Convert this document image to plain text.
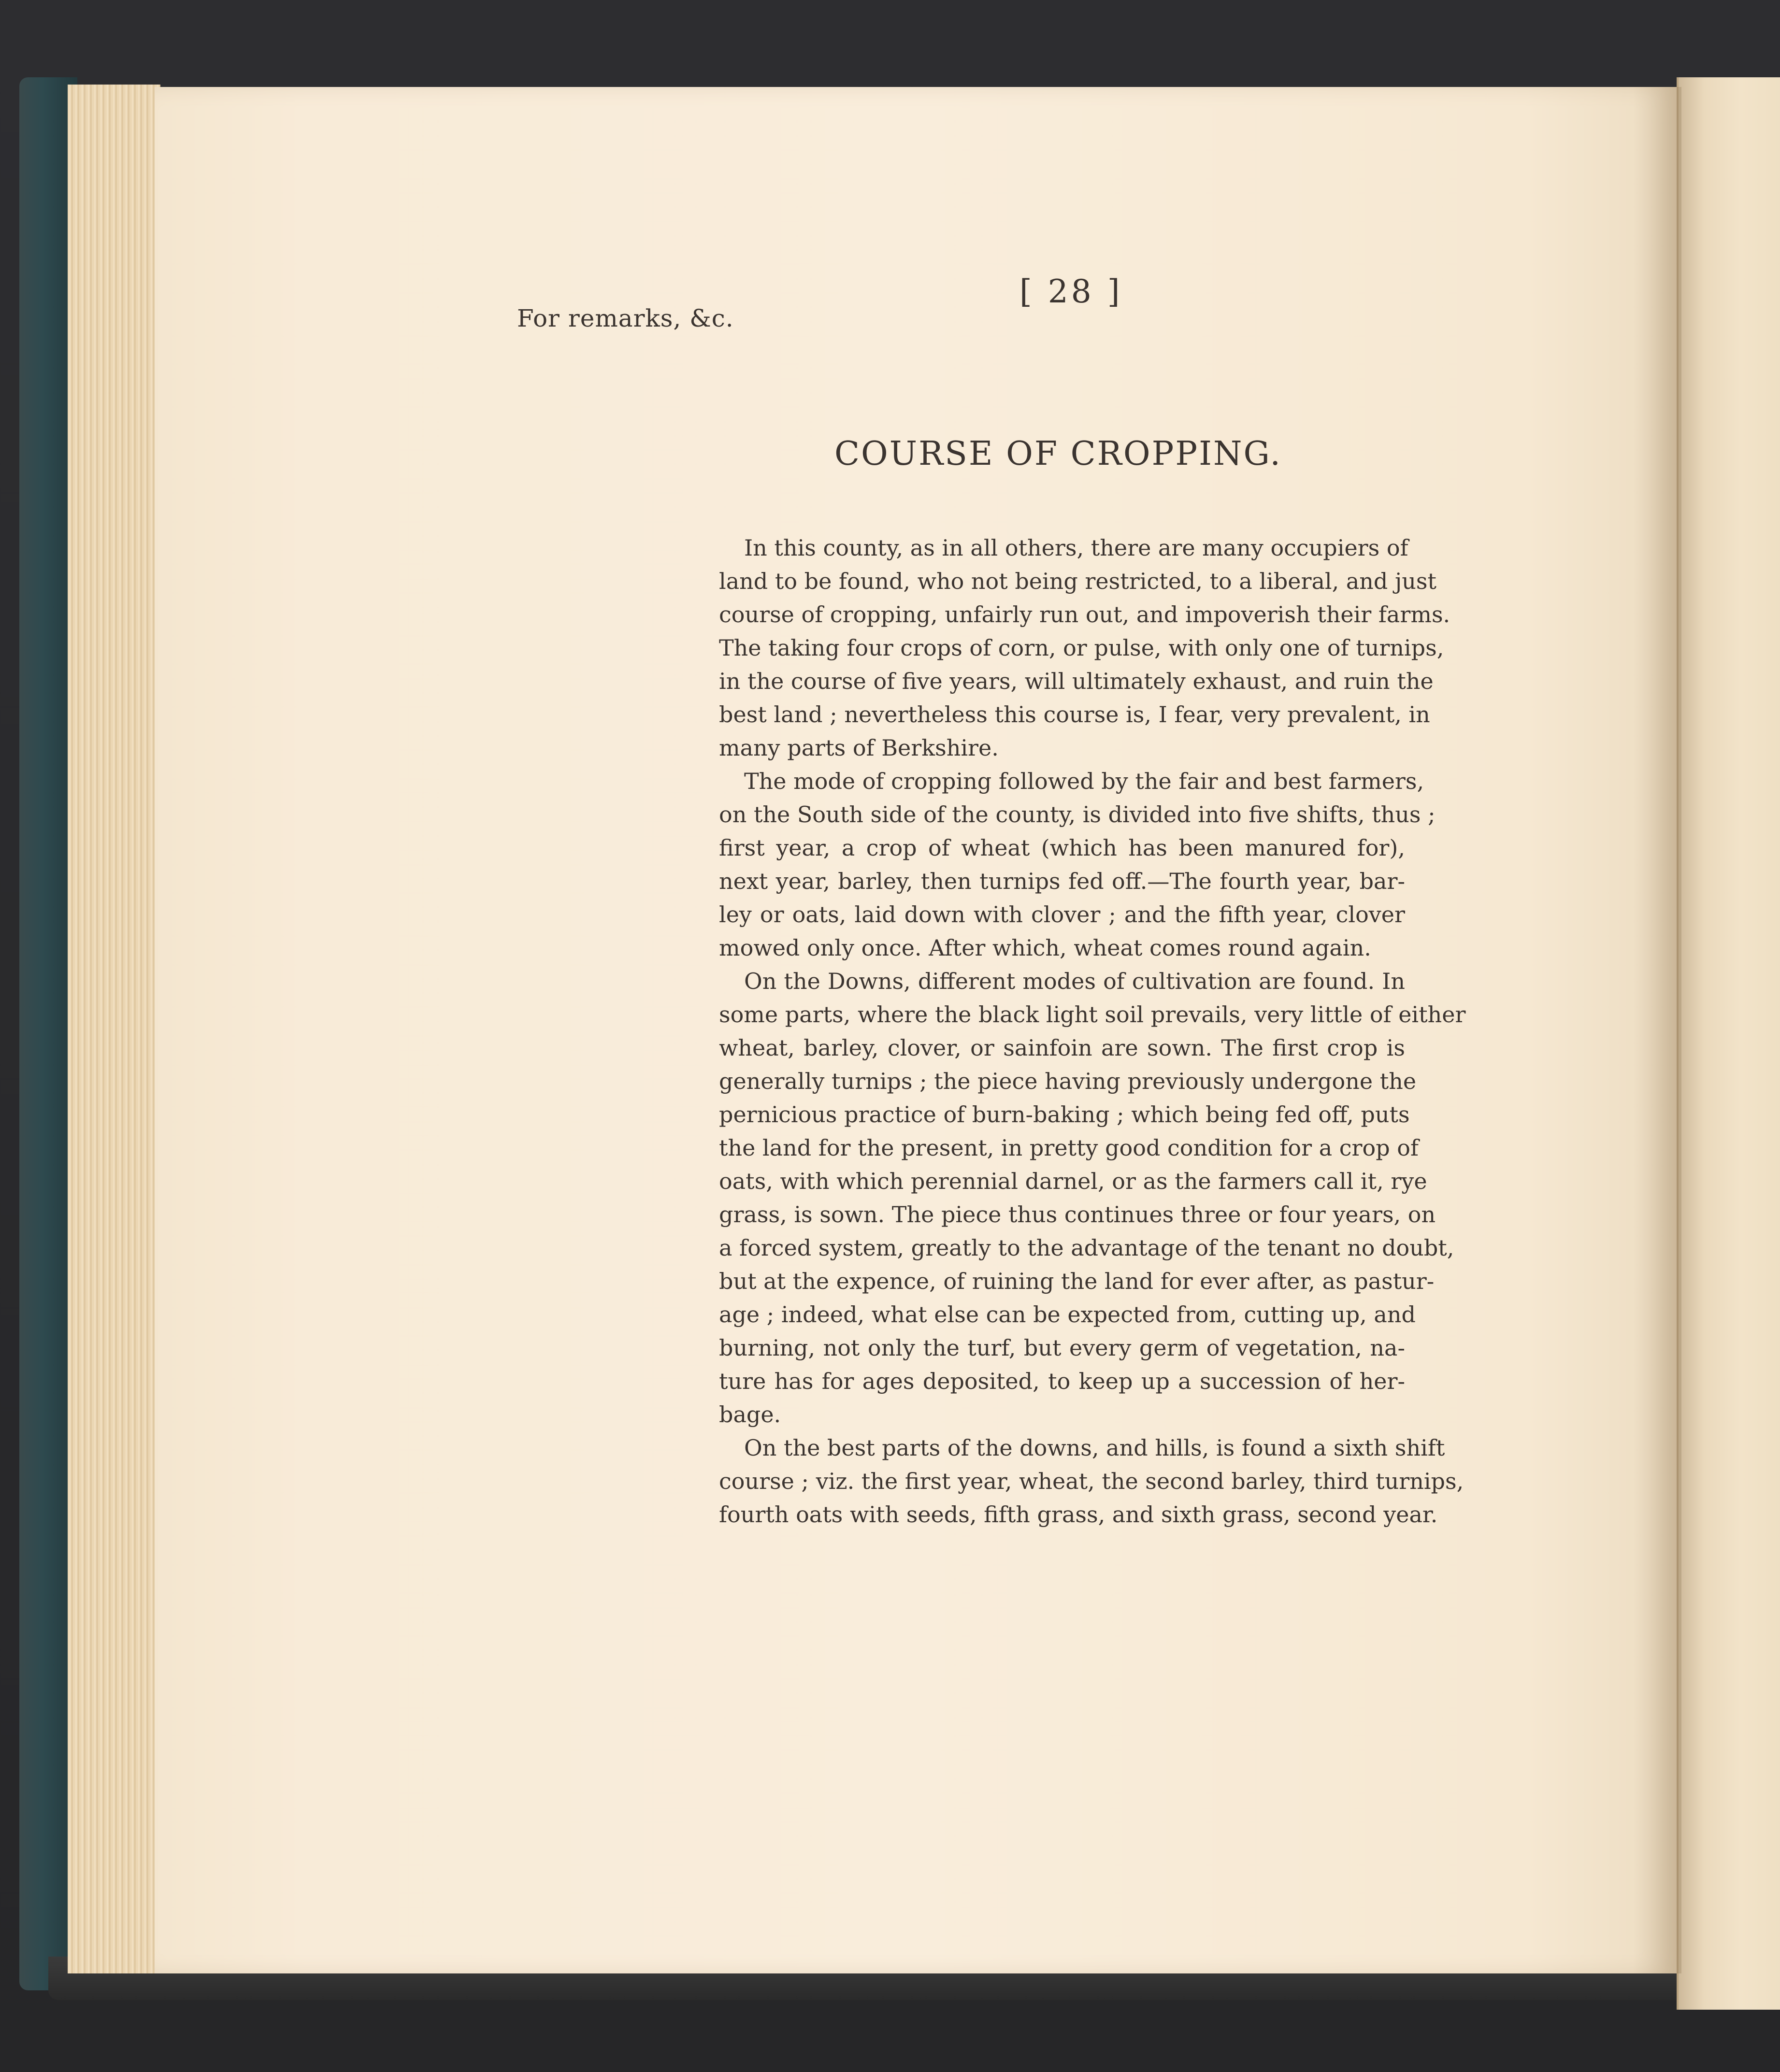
For remarks, &c.
[ 28 ]
COURSE OF CROPPING.

In this county, as in all others, there are many occupiers of
land to be found, who not being restricted, to a liberal, and just
course of cropping, unfairly run out, and impoverish their farms.
The taking four crops of corn, or pulse, with only one of turnips,
in the course of five years, will ultimately exhaust, and ruin the
best land ; nevertheless this course is, I fear, very prevalent, in
many parts of Berkshire.

The mode of cropping followed by the fair and best farmers,
on the South side of the county, is divided into five shifts, thus ;
first year, a crop of wheat (which has been manured for),
next year, barley, then turnips fed off.—The fourth year, bar-
ley or oats, laid down with clover ; and the fifth year, clover
mowed only once. After which, wheat comes round again.

On the Downs, different modes of cultivation are found. In
some parts, where the black light soil prevails, very little of either
wheat, barley, clover, or sainfoin are sown. The first crop is
generally turnips ; the piece having previously undergone the
pernicious practice of burn-baking ; which being fed off, puts
the land for the present, in pretty good condition for a crop of
oats, with which perennial darnel, or as the farmers call it, rye
grass, is sown. The piece thus continues three or four years, on
a forced system, greatly to the advantage of the tenant no doubt,
but at the expence, of ruining the land for ever after, as pastur-
age ; indeed, what else can be expected from, cutting up, and
burning, not only the turf, but every germ of vegetation, na-
ture has for ages deposited, to keep up a succession of her-
bage.

On the best parts of the downs, and hills, is found a sixth shift
course ; viz. the first year, wheat, the second barley, third turnips,
fourth oats with seeds, fifth grass, and sixth grass, second year.
